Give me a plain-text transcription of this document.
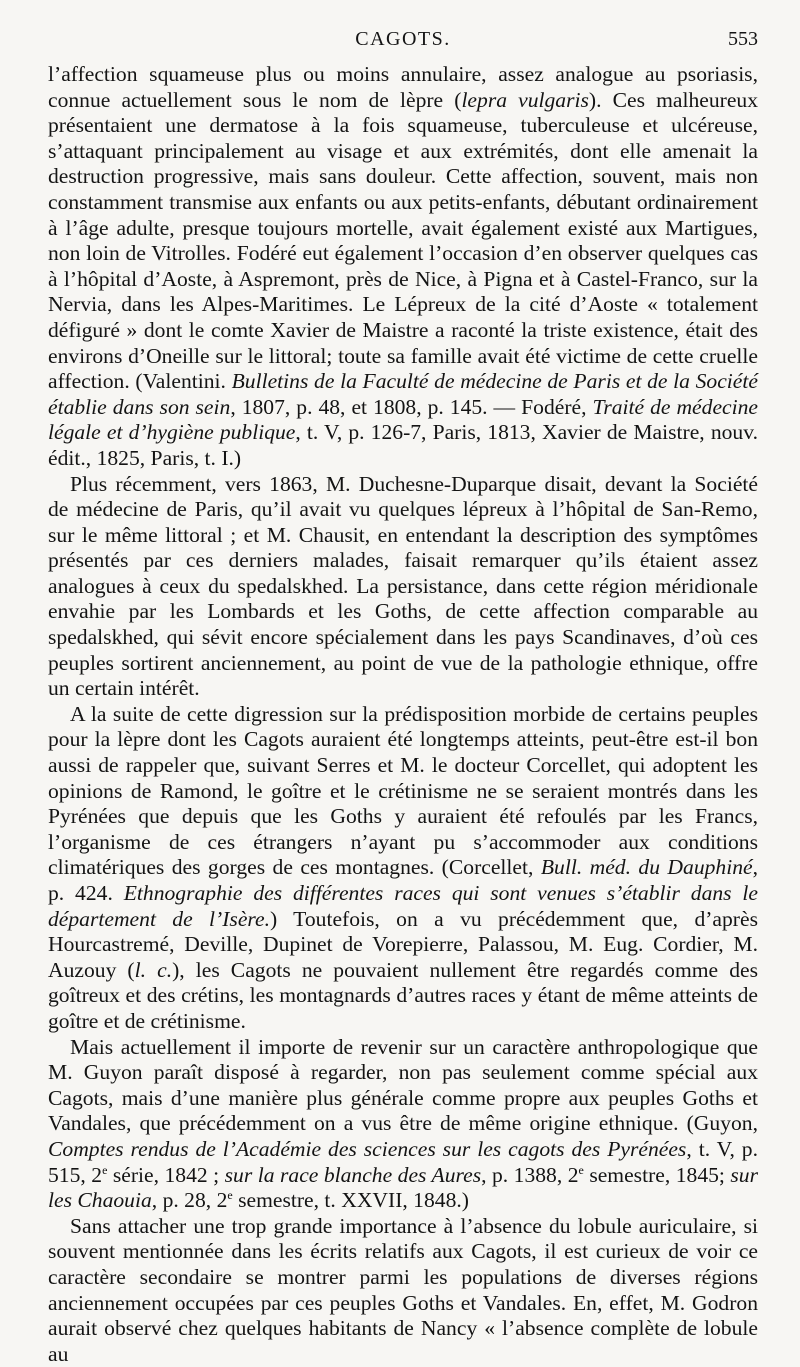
CAGOTS.	553

l’affection squameuse plus ou moins annulaire, assez analogue au psoriasis, connue actuellement sous le nom de lèpre (lepra vulgaris). Ces malheureux présentaient une dermatose à la fois squameuse, tuberculeuse et ulcéreuse, s’attaquant principalement au visage et aux extrémités, dont elle amenait la destruction progressive, mais sans douleur. Cette affection, souvent, mais non constamment transmise aux enfants ou aux petits-enfants, débutant ordinairement à l’âge adulte, presque toujours mortelle, avait également existé aux Martigues, non loin de Vitrolles. Fodéré eut également l’occasion d’en observer quelques cas à l’hôpital d’Aoste, à Aspremont, près de Nice, à Pigna et à Castel-Franco, sur la Nervia, dans les Alpes-Maritimes. Le Lépreux de la cité d’Aoste « totalement défiguré » dont le comte Xavier de Maistre a raconté la triste existence, était des environs d’Oneille sur le littoral; toute sa famille avait été victime de cette cruelle affection. (Valentini. Bulletins de la Faculté de médecine de Paris et de la Société établie dans son sein, 1807, p. 48, et 1808, p. 145. — Fodéré, Traité de médecine légale et d’hygiène publique, t. V, p. 126-7, Paris, 1813, Xavier de Maistre, nouv. édit., 1825, Paris, t. I.)

Plus récemment, vers 1863, M. Duchesne-Duparque disait, devant la Société de médecine de Paris, qu’il avait vu quelques lépreux à l’hôpital de San-Remo, sur le même littoral ; et M. Chausit, en entendant la description des symptômes présentés par ces derniers malades, faisait remarquer qu’ils étaient assez analogues à ceux du spedalskhed. La persistance, dans cette région méridionale envahie par les Lombards et les Goths, de cette affection comparable au spedalskhed, qui sévit encore spécialement dans les pays Scandinaves, d’où ces peuples sortirent anciennement, au point de vue de la pathologie ethnique, offre un certain intérêt.

A la suite de cette digression sur la prédisposition morbide de certains peuples pour la lèpre dont les Cagots auraient été longtemps atteints, peut-être est-il bon aussi de rappeler que, suivant Serres et M. le docteur Corcellet, qui adoptent les opinions de Ramond, le goître et le crétinisme ne se seraient montrés dans les Pyrénées que depuis que les Goths y auraient été refoulés par les Francs, l’organisme de ces étrangers n’ayant pu s’accommoder aux conditions climatériques des gorges de ces montagnes. (Corcellet, Bull. méd. du Dauphiné, p. 424. Ethnographie des différentes races qui sont venues s’établir dans le département de l’Isère.) Toutefois, on a vu précédemment que, d’après Hourcastremé, Deville, Dupinet de Vorepierre, Palassou, M. Eug. Cordier, M. Auzouy (l. c.), les Cagots ne pouvaient nullement être regardés comme des goîtreux et des crétins, les montagnards d’autres races y étant de même atteints de goître et de crétinisme.

Mais actuellement il importe de revenir sur un caractère anthropologique que M. Guyon paraît disposé à regarder, non pas seulement comme spécial aux Cagots, mais d’une manière plus générale comme propre aux peuples Goths et Vandales, que précédemment on a vus être de même origine ethnique. (Guyon, Comptes rendus de l’Académie des sciences sur les cagots des Pyrénées, t. V, p. 515, 2e série, 1842 ; sur la race blanche des Aures, p. 1388, 2e semestre, 1845; sur les Chaouia, p. 28, 2e semestre, t. XXVII, 1848.)

Sans attacher une trop grande importance à l’absence du lobule auriculaire, si souvent mentionnée dans les écrits relatifs aux Cagots, il est curieux de voir ce caractère secondaire se montrer parmi les populations de diverses régions anciennement occupées par ces peuples Goths et Vandales. En, effet, M. Godron aurait observé chez quelques habitants de Nancy « l’absence complète de lobule au
